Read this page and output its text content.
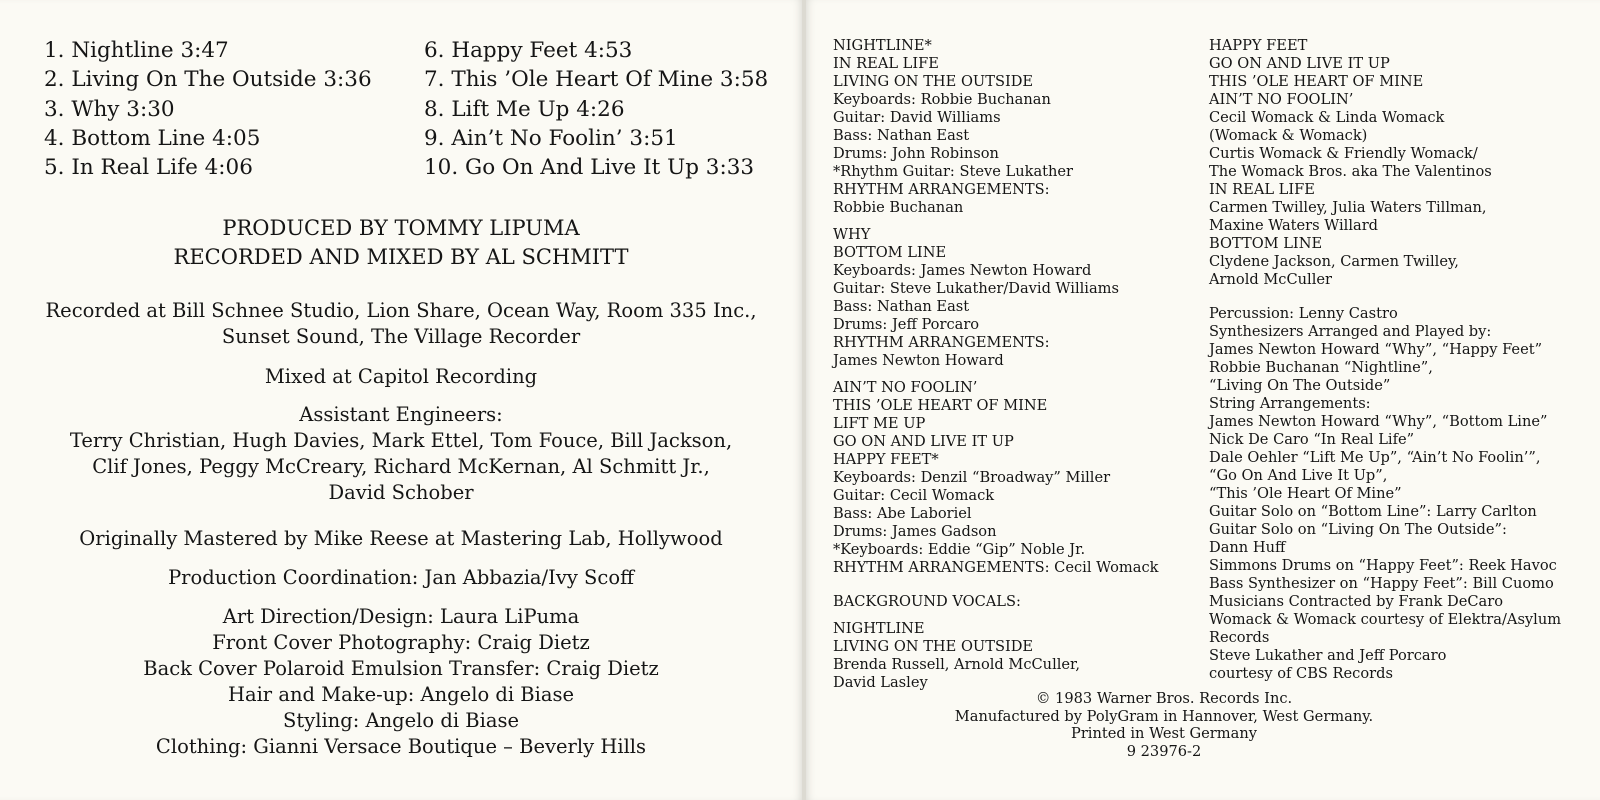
1. Nightline 3:47
2. Living On The Outside 3:36
3. Why 3:30
4. Bottom Line 4:05
5. In Real Life 4:06
6. Happy Feet 4:53
7. This ’Ole Heart Of Mine 3:58
8. Lift Me Up 4:26
9. Ain’t No Foolin’ 3:51
10. Go On And Live It Up 3:33
PRODUCED BY TOMMY LIPUMA
RECORDED AND MIXED BY AL SCHMITT
Recorded at Bill Schnee Studio, Lion Share, Ocean Way, Room 335 Inc.,
Sunset Sound, The Village Recorder
Mixed at Capitol Recording
Assistant Engineers:
Terry Christian, Hugh Davies, Mark Ettel, Tom Fouce, Bill Jackson,
Clif Jones, Peggy McCreary, Richard McKernan, Al Schmitt Jr.,
David Schober
Originally Mastered by Mike Reese at Mastering Lab, Hollywood
Production Coordination: Jan Abbazia/Ivy Scoff
Art Direction/Design: Laura LiPuma
Front Cover Photography: Craig Dietz
Back Cover Polaroid Emulsion Transfer: Craig Dietz
Hair and Make-up: Angelo di Biase
Styling: Angelo di Biase
Clothing: Gianni Versace Boutique – Beverly Hills
NIGHTLINE*
IN REAL LIFE
LIVING ON THE OUTSIDE
Keyboards: Robbie Buchanan
Guitar: David Williams
Bass: Nathan East
Drums: John Robinson
*Rhythm Guitar: Steve Lukather
RHYTHM ARRANGEMENTS:
Robbie Buchanan
WHY
BOTTOM LINE
Keyboards: James Newton Howard
Guitar: Steve Lukather/David Williams
Bass: Nathan East
Drums: Jeff Porcaro
RHYTHM ARRANGEMENTS:
James Newton Howard
AIN’T NO FOOLIN’
THIS ’OLE HEART OF MINE
LIFT ME UP
GO ON AND LIVE IT UP
HAPPY FEET*
Keyboards: Denzil “Broadway” Miller
Guitar: Cecil Womack
Bass: Abe Laboriel
Drums: James Gadson
*Keyboards: Eddie “Gip” Noble Jr.
RHYTHM ARRANGEMENTS: Cecil Womack
BACKGROUND VOCALS:
NIGHTLINE
LIVING ON THE OUTSIDE
Brenda Russell, Arnold McCuller,
David Lasley
HAPPY FEET
GO ON AND LIVE IT UP
THIS ’OLE HEART OF MINE
AIN’T NO FOOLIN’
Cecil Womack & Linda Womack
(Womack & Womack)
Curtis Womack & Friendly Womack/
The Womack Bros. aka The Valentinos
IN REAL LIFE
Carmen Twilley, Julia Waters Tillman,
Maxine Waters Willard
BOTTOM LINE
Clydene Jackson, Carmen Twilley,
Arnold McCuller
Percussion: Lenny Castro
Synthesizers Arranged and Played by:
James Newton Howard “Why”, “Happy Feet”
Robbie Buchanan “Nightline”,
“Living On The Outside”
String Arrangements:
James Newton Howard “Why”, “Bottom Line”
Nick De Caro “In Real Life”
Dale Oehler “Lift Me Up”, “Ain’t No Foolin’”,
“Go On And Live It Up”,
“This ’Ole Heart Of Mine”
Guitar Solo on “Bottom Line”: Larry Carlton
Guitar Solo on “Living On The Outside”:
Dann Huff
Simmons Drums on “Happy Feet”: Reek Havoc
Bass Synthesizer on “Happy Feet”: Bill Cuomo
Musicians Contracted by Frank DeCaro
Womack & Womack courtesy of Elektra/Asylum
Records
Steve Lukather and Jeff Porcaro
courtesy of CBS Records
© 1983 Warner Bros. Records Inc.
Manufactured by PolyGram in Hannover, West Germany.
Printed in West Germany
9 23976-2
